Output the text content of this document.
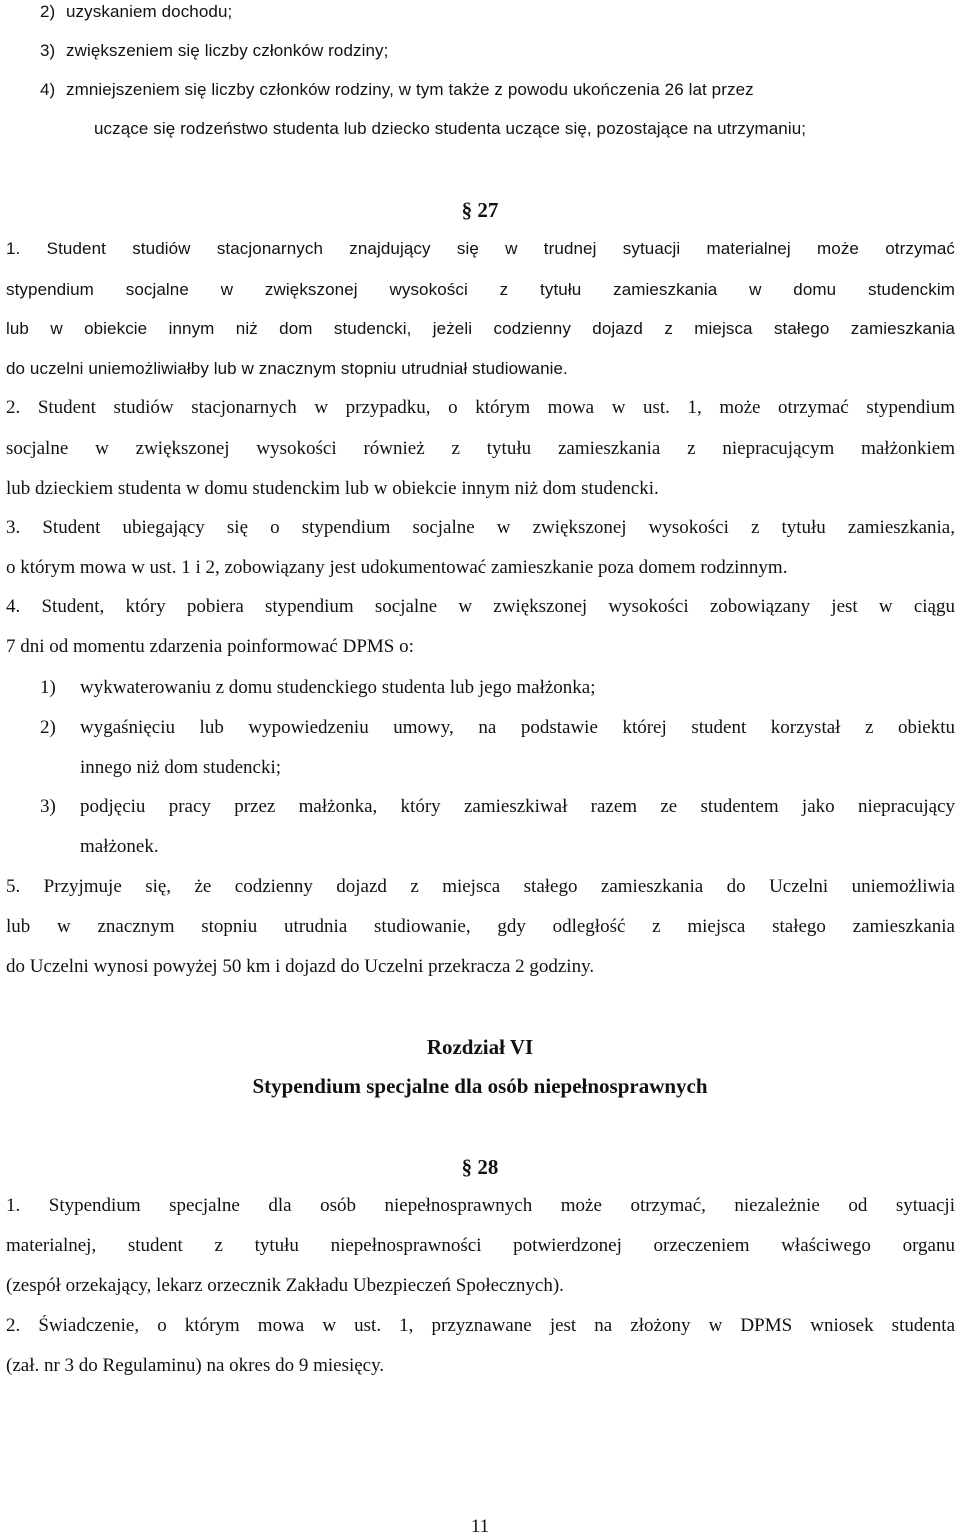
2) uzyskaniem dochodu;
3) zwiększeniem się liczby członków rodziny;
4) zmniejszeniem się liczby członków rodziny, w tym także z powodu ukończenia 26 lat przez
uczące się rodzeństwo studenta lub dziecko studenta uczące się, pozostające na utrzymaniu;
§ 27
1. Student studiów stacjonarnych znajdujący się w trudnej sytuacji materialnej może otrzymać
stypendium socjalne w zwiększonej wysokości z tytułu zamieszkania w domu studenckim
lub w obiekcie innym niż dom studencki, jeżeli codzienny dojazd z miejsca stałego zamieszkania
do uczelni uniemożliwiałby lub w znacznym stopniu utrudniał studiowanie.
2. Student studiów stacjonarnych w przypadku, o którym mowa w ust. 1, może otrzymać stypendium
socjalne w zwiększonej wysokości również z tytułu zamieszkania z niepracującym małżonkiem
lub dzieckiem studenta w domu studenckim lub w obiekcie innym niż dom studencki.
3. Student ubiegający się o stypendium socjalne w zwiększonej wysokości z tytułu zamieszkania,
o którym mowa w ust. 1 i 2, zobowiązany jest udokumentować zamieszkanie poza domem rodzinnym.
4. Student, który pobiera stypendium socjalne w zwiększonej wysokości zobowiązany jest w ciągu
7 dni od momentu zdarzenia poinformować DPMS o:
1) wykwaterowaniu z domu studenckiego studenta lub jego małżonka;
2) wygaśnięciu lub wypowiedzeniu umowy, na podstawie której student korzystał z obiektu
innego niż dom studencki;
3) podjęciu pracy przez małżonka, który zamieszkiwał razem ze studentem jako niepracujący
małżonek.
5. Przyjmuje się, że codzienny dojazd z miejsca stałego zamieszkania do Uczelni uniemożliwia
lub w znacznym stopniu utrudnia studiowanie, gdy odległość z miejsca stałego zamieszkania
do Uczelni wynosi powyżej 50 km i dojazd do Uczelni przekracza 2 godziny.
Rozdział VI
Stypendium specjalne dla osób niepełnosprawnych
§ 28
1. Stypendium specjalne dla osób niepełnosprawnych może otrzymać, niezależnie od sytuacji
materialnej, student z tytułu niepełnosprawności potwierdzonej orzeczeniem właściwego organu
(zespół orzekający, lekarz orzecznik Zakładu Ubezpieczeń Społecznych).
2. Świadczenie, o którym mowa w ust. 1, przyznawane jest na złożony w DPMS wniosek studenta
(zał. nr 3 do Regulaminu) na okres do 9 miesięcy.
11
